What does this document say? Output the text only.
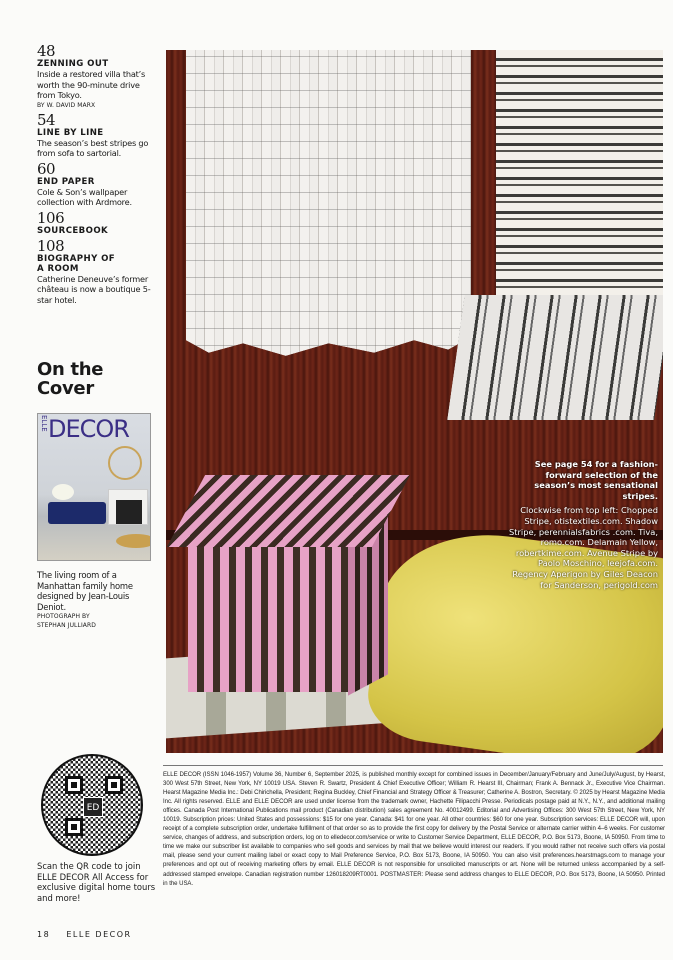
48
ZENNING OUT
Inside a restored villa that’s worth the 90-minute drive from Tokyo.
BY W. DAVID MARX
54
LINE BY LINE
The season’s best stripes go from sofa to sartorial.
60
END PAPER
Cole & Son’s wallpaper collection with Ardmore.
106
SOURCEBOOK
108
BIOGRAPHY OF A ROOM
Catherine Deneuve’s former château is now a boutique 5-star hotel.
On the Cover
ELLEDECOR
The living room of a Manhattan family home designed by Jean-Louis Deniot.
PHOTOGRAPH BY STEPHAN JULLIARD
See page 54 for a fashion-forward selection of the season’s most sensational stripes.
Clockwise from top left: Chopped Stripe, otistextiles.com. Shadow Stripe, perennialsfabrics .com. Tiva, romo.com. Delamain Yellow, robertkime.com. Avenue Stripe by Paolo Moschino, leejofa.com. Regency Aperigon by Giles Deacon for Sanderson, perigold.com
ELLE DECOR (ISSN 1046-1957) Volume 36, Number 6, September 2025, is published monthly except for combined issues in December/January/February and June/July/August, by Hearst, 300 West 57th Street, New York, NY 10019 USA. Steven R. Swartz, President & Chief Executive Officer; William R. Hearst III, Chairman; Frank A. Bennack Jr., Executive Vice Chairman. Hearst Magazine Media Inc.: Debi Chirichella, President; Regina Buckley, Chief Financial and Strategy Officer & Treasurer; Catherine A. Bostron, Secretary. © 2025 by Hearst Magazine Media Inc. All rights reserved. ELLE and ELLE DECOR are used under license from the trademark owner, Hachette Filipacchi Presse. Periodicals postage paid at N.Y., N.Y., and additional mailing offices. Canada Post International Publications mail product (Canadian distribution) sales agreement No. 40012499. Editorial and Advertising Offices: 300 West 57th Street, New York, NY 10019. Subscription prices: United States and possessions: $15 for one year. Canada: $41 for one year. All other countries: $60 for one year. Subscription services: ELLE DECOR will, upon receipt of a complete subscription order, undertake fulfillment of that order so as to provide the first copy for delivery by the Postal Service or alternate carrier within 4–6 weeks. For customer service, changes of address, and subscription orders, log on to elledecor.com/service or write to Customer Service Department, ELLE DECOR, P.O. Box 5173, Boone, IA 50950. From time to time we make our subscriber list available to companies who sell goods and services by mail that we believe would interest our readers. If you would rather not receive such offers via postal mail, please send your current mailing label or exact copy to Mail Preference Service, P.O. Box 5173, Boone, IA 50950. You can also visit preferences.hearstmags.com to manage your preferences and opt out of receiving marketing offers by email. ELLE DECOR is not responsible for unsolicited manuscripts or art. None will be returned unless accompanied by a self-addressed stamped envelope. Canadian registration number 126018209RT0001. POSTMASTER: Please send address changes to ELLE DECOR, P.O. Box 5173, Boone, IA 50950. Printed in the USA.
ED
Scan the QR code to join ELLE DECOR All Access for exclusive digital home tours and more!
18 ELLE DECOR
